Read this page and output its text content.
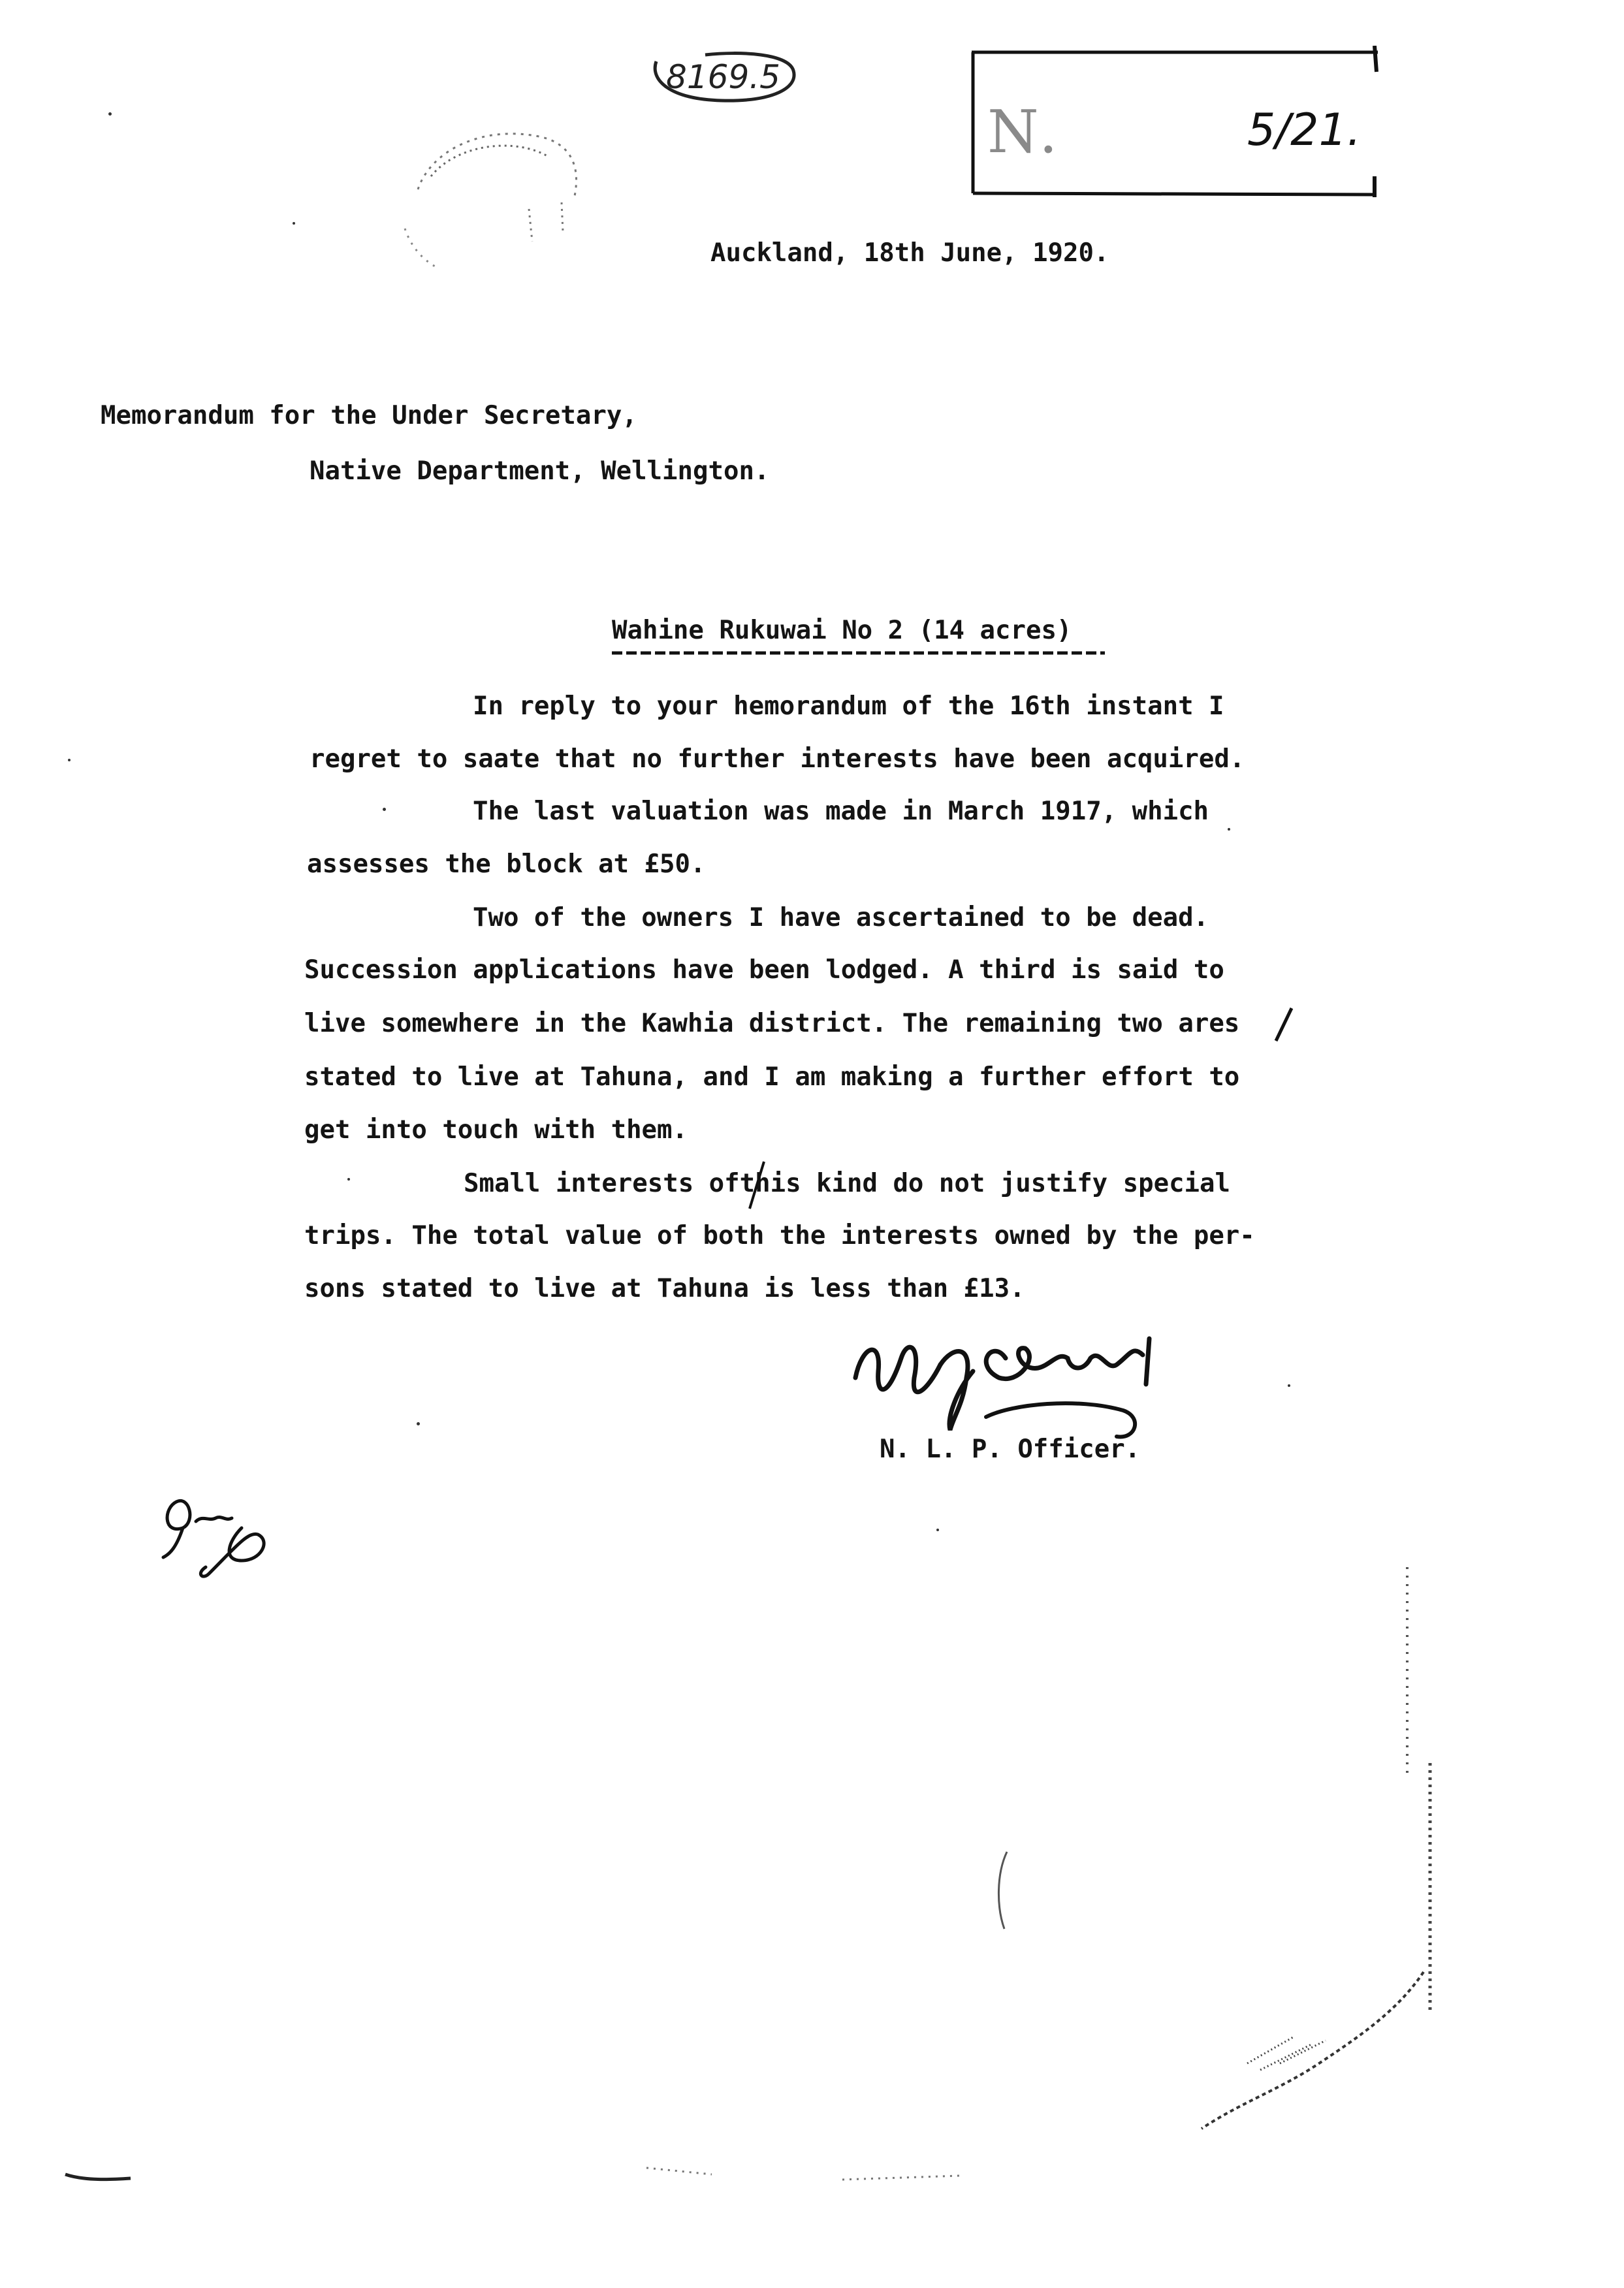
8169.5
N.	5/21.
Auckland, 18th June, 1920.
Memorandum for the Under Secretary,
Native Department, Wellington.
Wahine Rukuwai No 2 (14 acres)
In reply to your hemorandum of the 16th instant I
regret to saate that no further interests have been acquired.
The last valuation was made in March 1917, which
assesses the block at £50.
Two of the owners I have ascertained to be dead.
Succession applications have been lodged. A third is said to
live somewhere in the Kawhia district. The remaining two ares
stated to live at Tahuna, and I am making a further effort to
get into touch with them.
Small interests ofthis kind do not justify special
trips. The total value of both the interests owned by the per-
sons stated to live at Tahuna is less than £13.
N. L. P. Officer.
